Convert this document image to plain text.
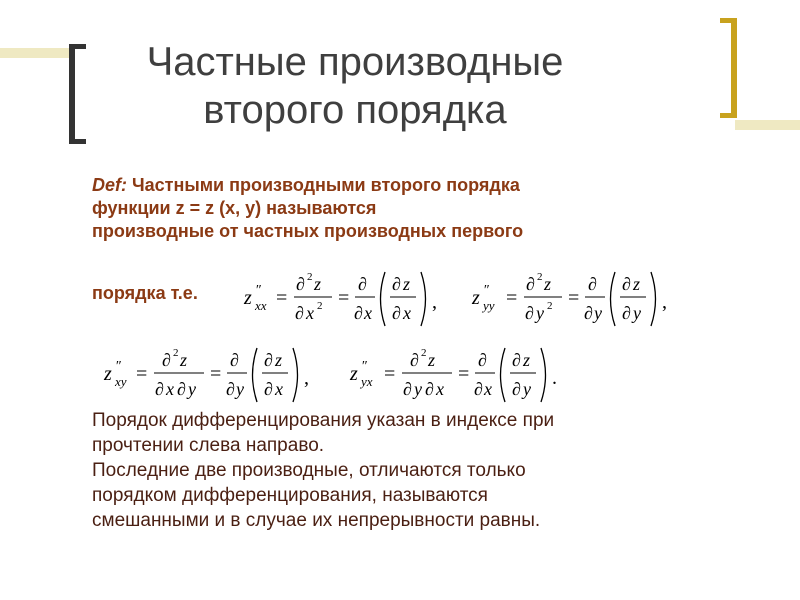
Частные производные
второго порядка
Def: Частными производными второго порядка
функции z = z (x, y) называются
производные от частных производных первого
порядка т.е. z ″
xx =
∂ 2 z
∂ x 2 =
∂
∂ x
∂ z
∂ x , z ″
yy =
∂ 2 z
∂ y 2 =
∂
∂ y
∂ z
∂ y ,
z ″
xy =
∂ 2 z
∂ x ∂ y
=
∂
∂ y
∂ z
∂ x , z ″
yx =
∂ 2 z
∂ y ∂ x
=
∂
∂ x
∂ z
∂ y .
Порядок дифференцирования указан в индексе при
прочтении слева направо.
Последние две производные, отличаются только
порядком дифференцирования, называются
смешанными и в случае их непрерывности равны.
